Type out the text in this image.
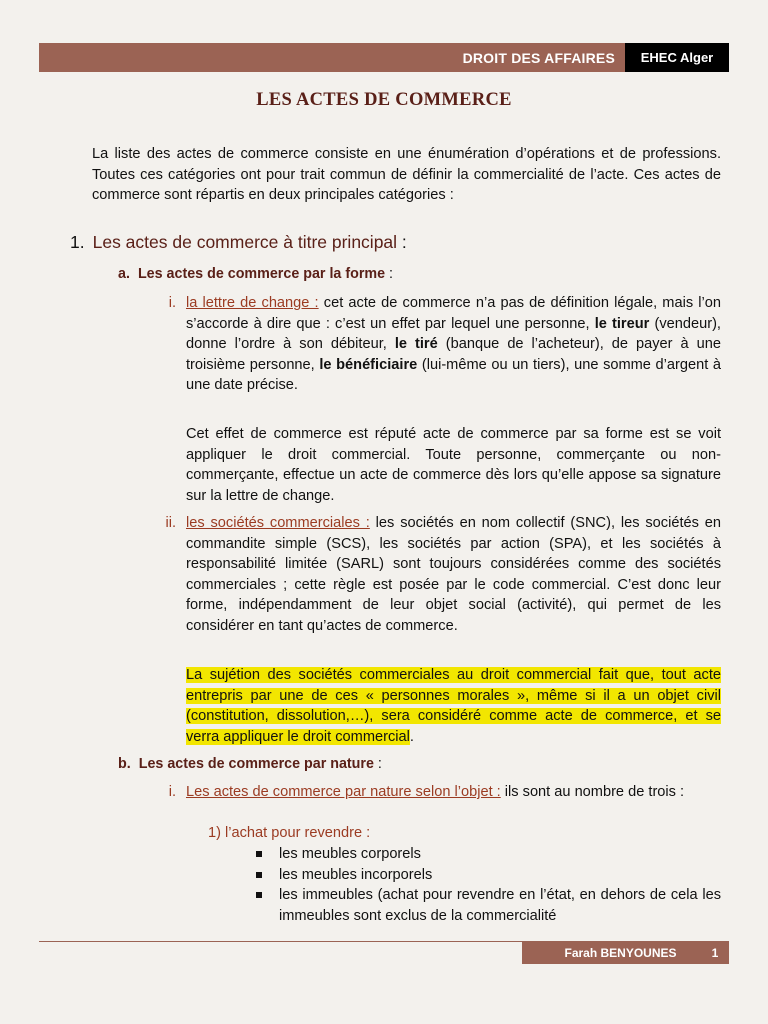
DROIT DES AFFAIRES	EHEC Alger
LES ACTES DE COMMERCE
La liste des actes de commerce consiste en une énumération d’opérations et de professions. Toutes ces catégories ont pour trait commun de définir la commercialité de l’acte. Ces actes de commerce sont répartis en deux principales catégories :
1. Les actes de commerce à titre principal :
a. Les actes de commerce par la forme :
i. la lettre de change : cet acte de commerce n’a pas de définition légale, mais l’on s’accorde à dire que : c’est un effet par lequel une personne, le tireur (vendeur), donne l’ordre à son débiteur, le tiré (banque de l’acheteur), de payer à une troisième personne, le bénéficiaire (lui-même ou un tiers), une somme d’argent à une date précise.
Cet effet de commerce est réputé acte de commerce par sa forme est se voit appliquer le droit commercial. Toute personne, commerçante ou non-commerçante, effectue un acte de commerce dès lors qu’elle appose sa signature sur la lettre de change.
ii. les sociétés commerciales : les sociétés en nom collectif (SNC), les sociétés en commandite simple (SCS), les sociétés par action (SPA), et les sociétés à responsabilité limitée (SARL) sont toujours considérées comme des sociétés commerciales ; cette règle est posée par le code commercial. C’est donc leur forme, indépendamment de leur objet social (activité), qui permet de les considérer en tant qu’actes de commerce.
La sujétion des sociétés commerciales au droit commercial fait que, tout acte entrepris par une de ces « personnes morales », même si il a un objet civil (constitution, dissolution,…), sera considéré comme acte de commerce, et se verra appliquer le droit commercial.
b. Les actes de commerce par nature :
i. Les actes de commerce par nature selon l’objet : ils sont au nombre de trois :
1) l’achat pour revendre :
les meubles corporels
les meubles incorporels
les immeubles (achat pour revendre en l’état, en dehors de cela les immeubles sont exclus de la commercialité
Farah BENYOUNES	1
